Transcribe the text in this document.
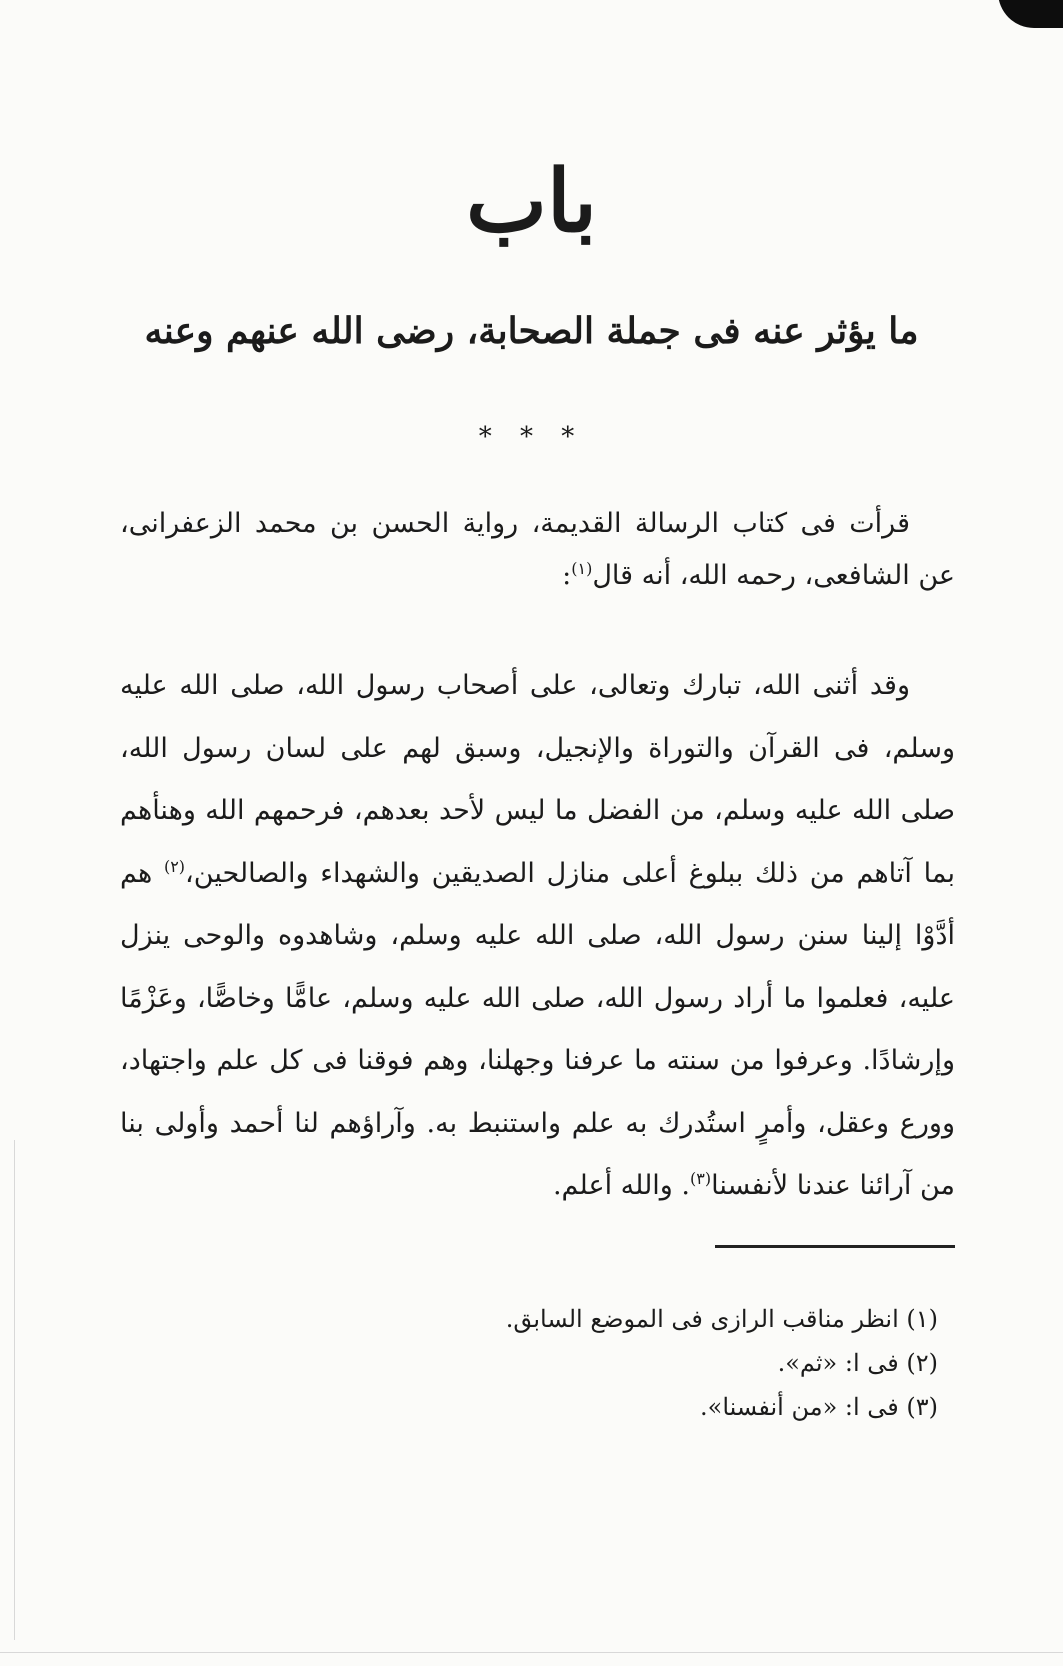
باب
ما يؤثر عنه فى جملة الصحابة، رضى الله عنهم وعنه
* * *

قرأت فى كتاب الرسالة القديمة، رواية الحسن بن محمد الزعفرانى، عن الشافعى، رحمه الله، أنه قال$^{(١)}$:

وقد أثنى الله، تبارك وتعالى، على أصحاب رسول الله، صلى الله عليه وسلم، فى القرآن والتوراة والإنجيل، وسبق لهم على لسان رسول الله، صلى الله عليه وسلم، من الفضل ما ليس لأحد بعدهم، فرحمهم الله وهنأهم بما آتاهم من ذلك ببلوغ أعلى منازل الصديقين والشهداء والصالحين،$^{(٢)}$ هم أدَّوْا إلينا سنن رسول الله، صلى الله عليه وسلم، وشاهدوه والوحى ينزل عليه، فعلموا ما أراد رسول الله، صلى الله عليه وسلم، عامًّا وخاصًّا، وعَزْمًا وإرشادًا. وعرفوا من سنته ما عرفنا وجهلنا، وهم فوقنا فى كل علم واجتهاد، وورع وعقل، وأمرٍ استُدرك به علم واستنبط به. وآراؤهم لنا أحمد وأولى بنا من آرائنا عندنا لأنفسنا$^{(٣)}$. والله أعلم.

(١) انظر مناقب الرازى فى الموضع السابق.
(٢) فى ا: «ثم».
(٣) فى ا: «من أنفسنا».
